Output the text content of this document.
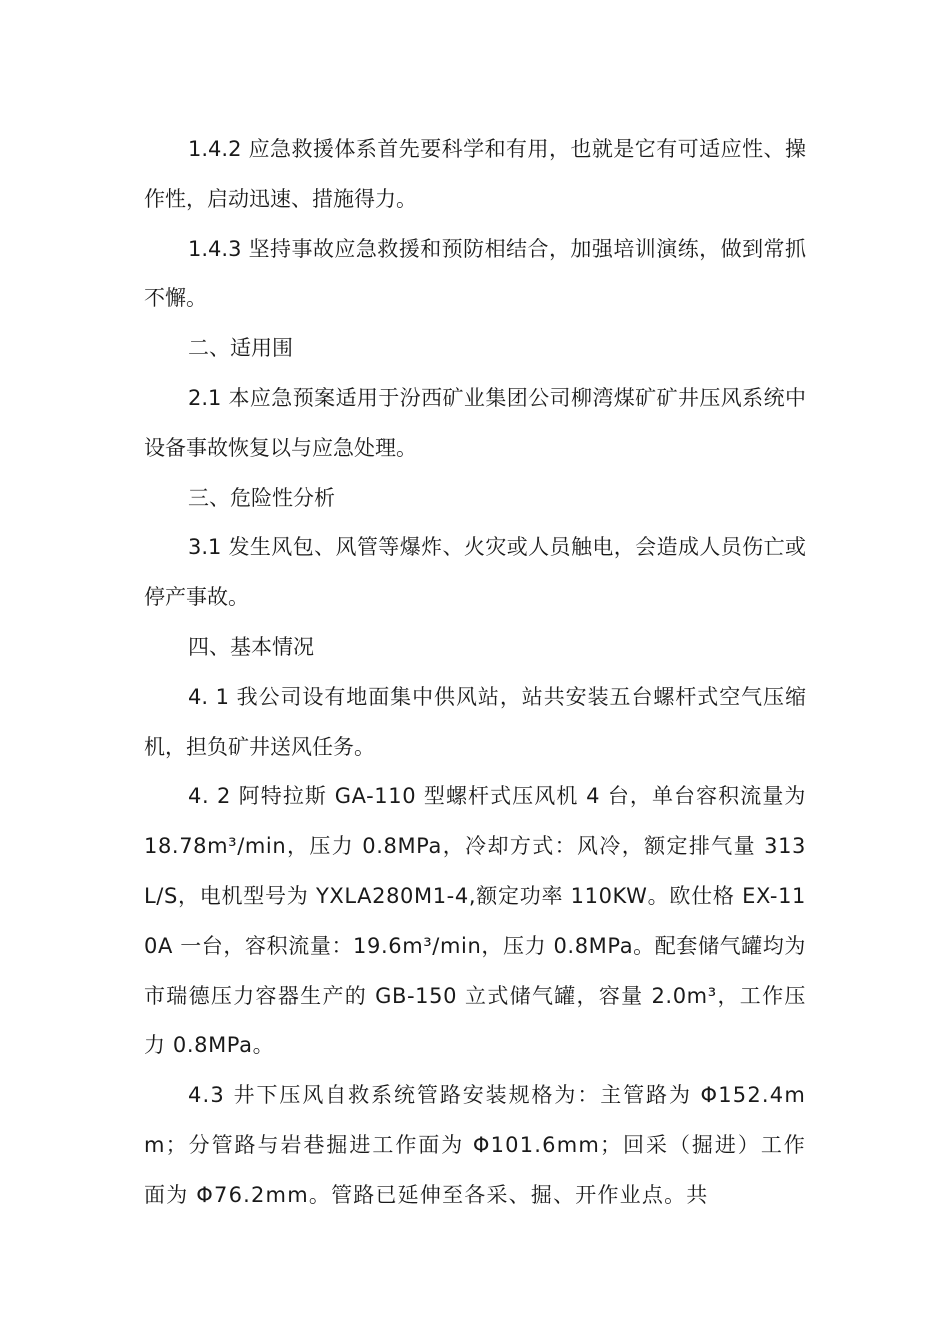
1.4.2 应急救援体系首先要科学和有用，也就是它有可适应性、操作性，启动迅速、措施得力。

1.4.3 坚持事故应急救援和预防相结合，加强培训演练，做到常抓不懈。

二、适用围

2.1 本应急预案适用于汾西矿业集团公司柳湾煤矿矿井压风系统中设备事故恢复以与应急处理。

三、危险性分析

3.1 发生风包、风管等爆炸、火灾或人员触电，会造成人员伤亡或停产事故。

四、基本情况

4. 1 我公司设有地面集中供风站，站共安装五台螺杆式空气压缩机，担负矿井送风任务。

4. 2 阿特拉斯 GA-110 型螺杆式压风机 4 台，单台容积流量为 18.78m³/min，压力 0.8MPa，冷却方式：风冷，额定排气量 313L/S，电机型号为 YXLA280M1-4,额定功率 110KW。欧仕格 EX-110A 一台，容积流量：19.6m³/min，压力 0.8MPa。配套储气罐均为市瑞德压力容器生产的 GB-150 立式储气罐，容量 2.0m³，工作压力 0.8MPa。

4.3 井下压风自救系统管路安装规格为：主管路为 Φ152.4mm；分管路与岩巷掘进工作面为 Φ101.6mm；回采（掘进）工作面为 Φ76.2mm。管路已延伸至各采、掘、开作业点。共
